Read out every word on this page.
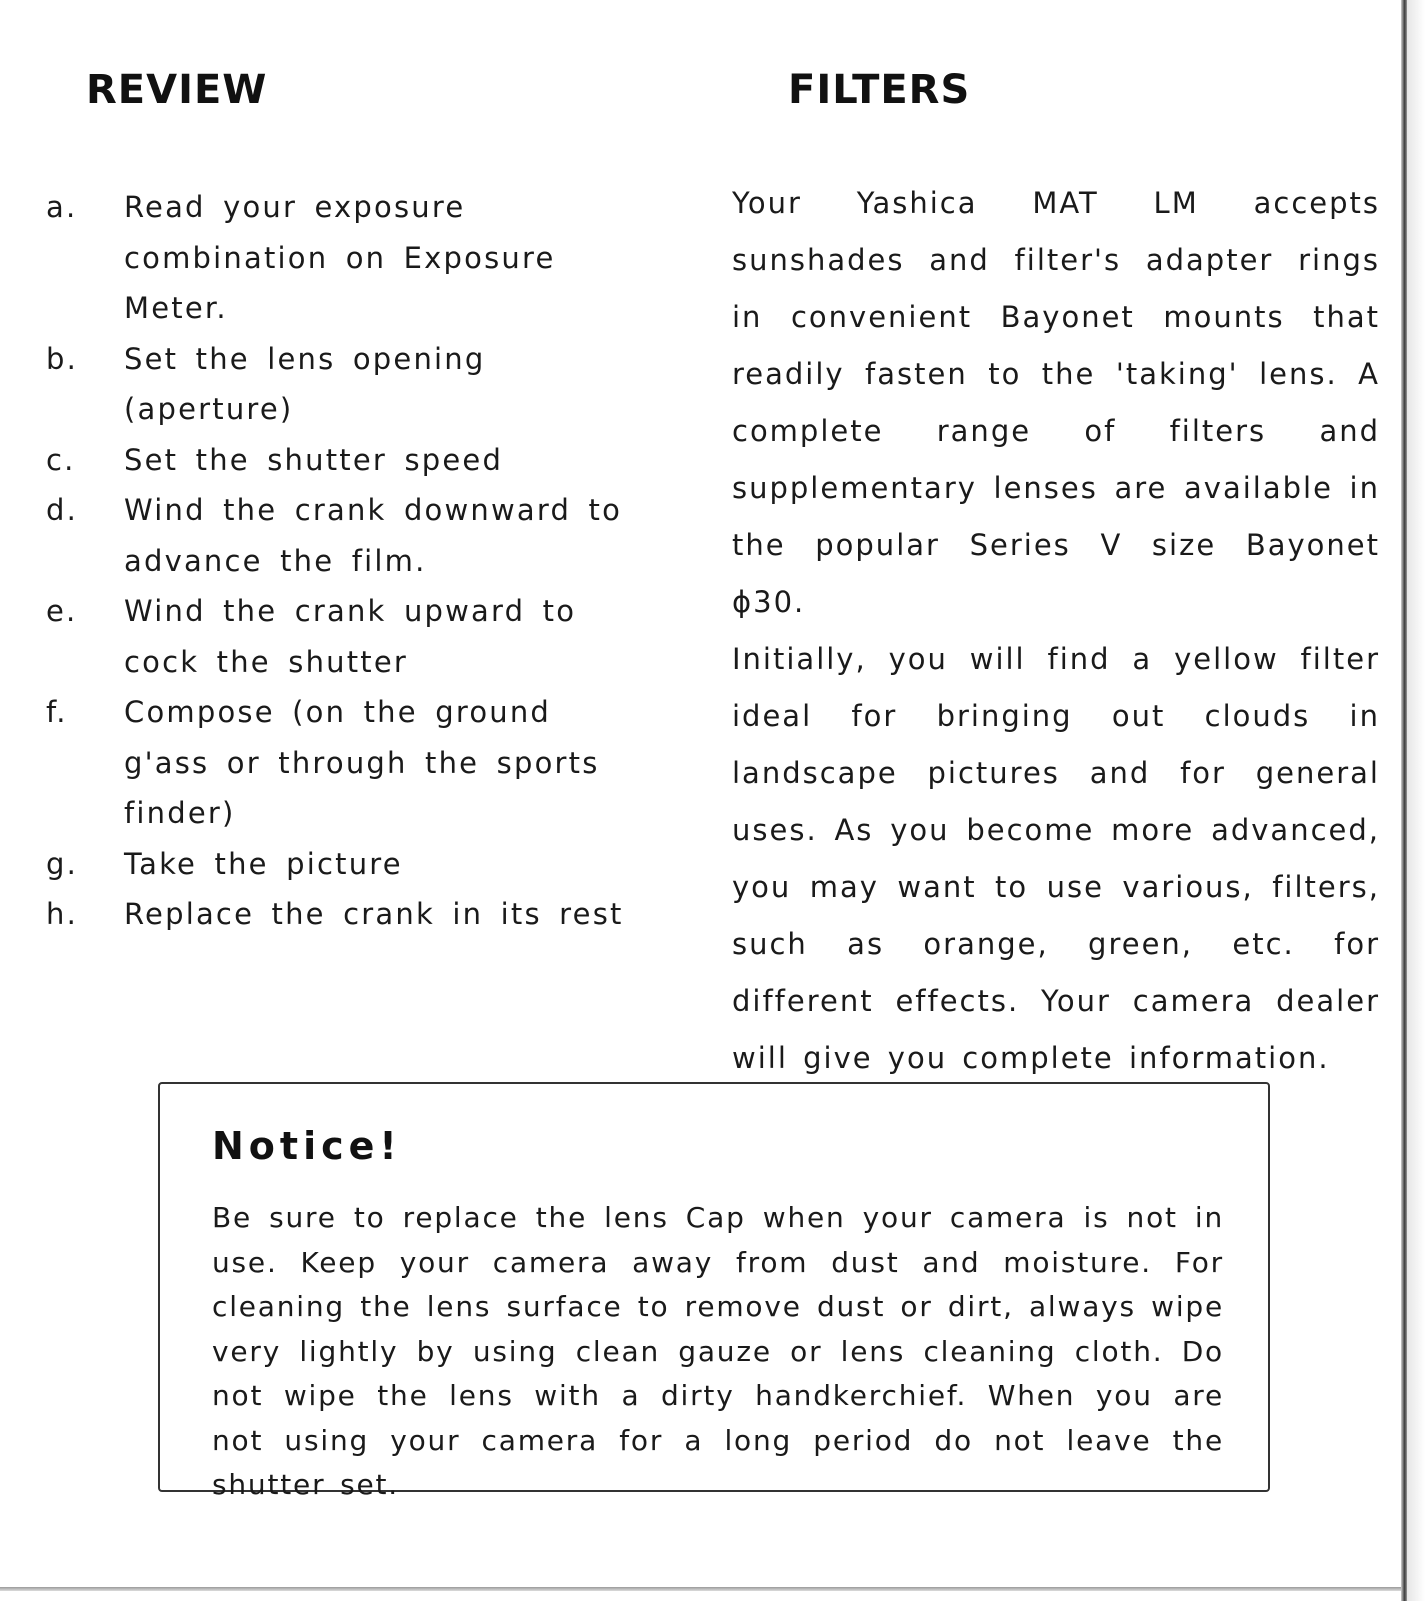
REVIEW	FILTERS
a.	Read your exposure combination on Exposure Meter.
b.	Set the lens opening (aperture)
c.	Set the shutter speed
d.	Wind the crank downward to advance the film.
e.	Wind the crank upward to cock the shutter
f.	Compose (on the ground g'ass or through the sports finder)
g.	Take the picture
h.	Replace the crank in its rest

Your Yashica MAT LM accepts sunshades and filter's adapter rings in convenient Bayonet mounts that readily fasten to the 'taking' lens. A complete range of filters and supplementary lenses are available in the popular Series V size Bayonet ϕ30.

Initially, you will find a yellow filter ideal for bringing out clouds in landscape pictures and for general uses. As you become more advanced, you may want to use various, filters, such as orange, green, etc. for different effects. Your camera dealer will give you complete information.

Notice!

Be sure to replace the lens Cap when your camera is not in use. Keep your camera away from dust and moisture. For cleaning the lens surface to remove dust or dirt, always wipe very lightly by using clean gauze or lens cleaning cloth. Do not wipe the lens with a dirty handkerchief. When you are not using your camera for a long period do not leave the shutter set.
